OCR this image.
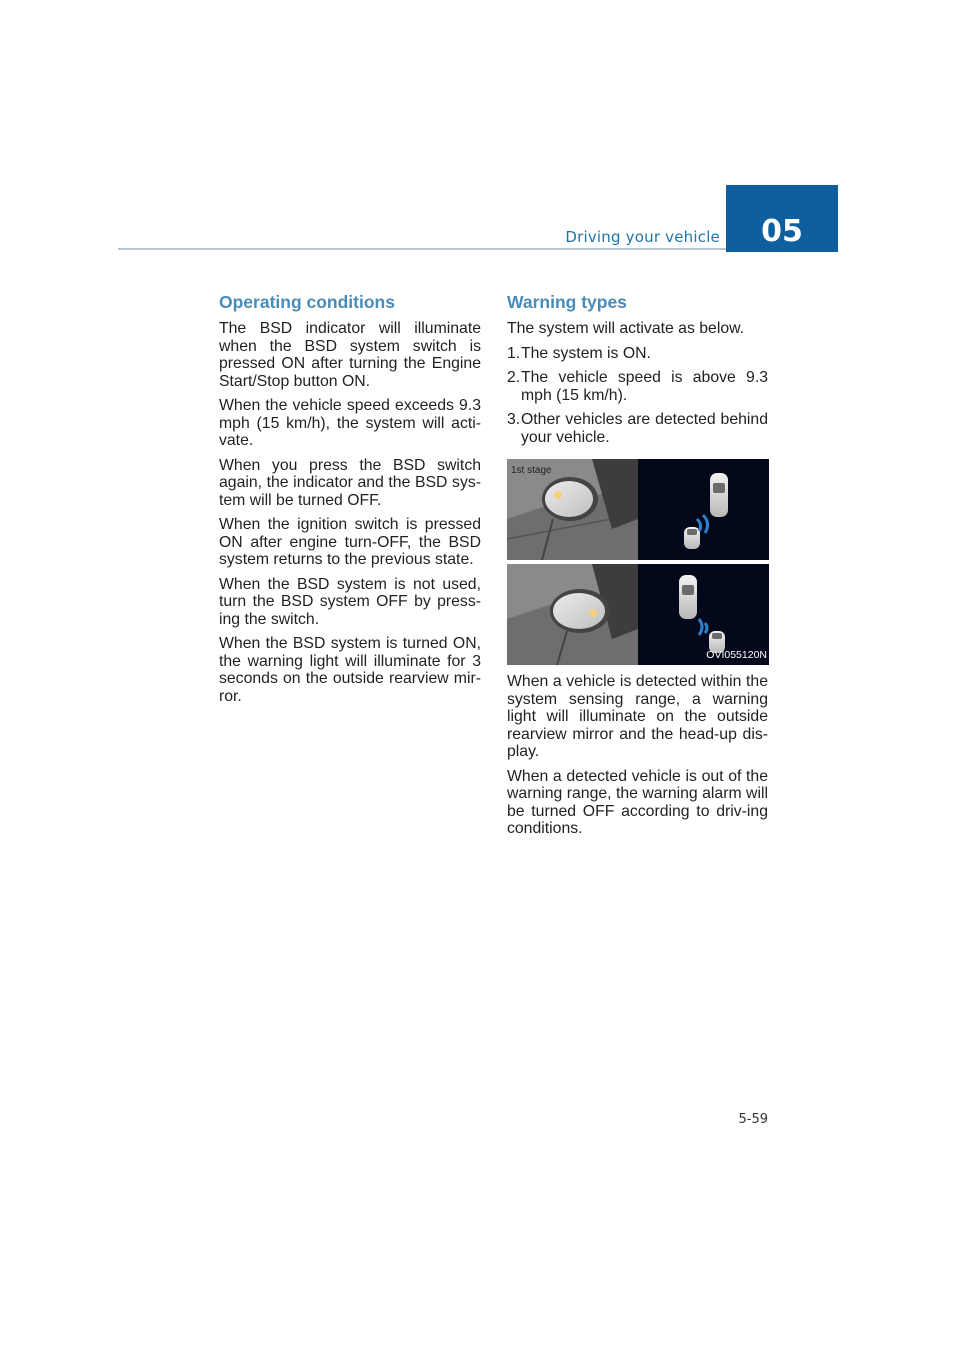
Driving your vehicle	05
Operating conditions

The BSD indicator will illuminate when the BSD system switch is pressed ON after turning the Engine Start/Stop button ON.

When the vehicle speed exceeds 9.3 mph (15 km/h), the system will acti-vate.

When you press the BSD switch again, the indicator and the BSD sys-tem will be turned OFF.

When the ignition switch is pressed ON after engine turn-OFF, the BSD system returns to the previous state.

When the BSD system is not used, turn the BSD system OFF by press-ing the switch.

When the BSD system is turned ON, the warning light will illuminate for 3 seconds on the outside rearview mir-ror.

Warning types

The system will activate as below.

1.The system is ON.
2.The vehicle speed is above 9.3 mph (15 km/h).
3.Other vehicles are detected behind your vehicle.
1st stage
OVI055120N

When a vehicle is detected within the system sensing range, a warning light will illuminate on the outside rearview mirror and the head-up dis-play.

When a detected vehicle is out of the warning range, the warning alarm will be turned OFF according to driv-ing conditions.

5-59
